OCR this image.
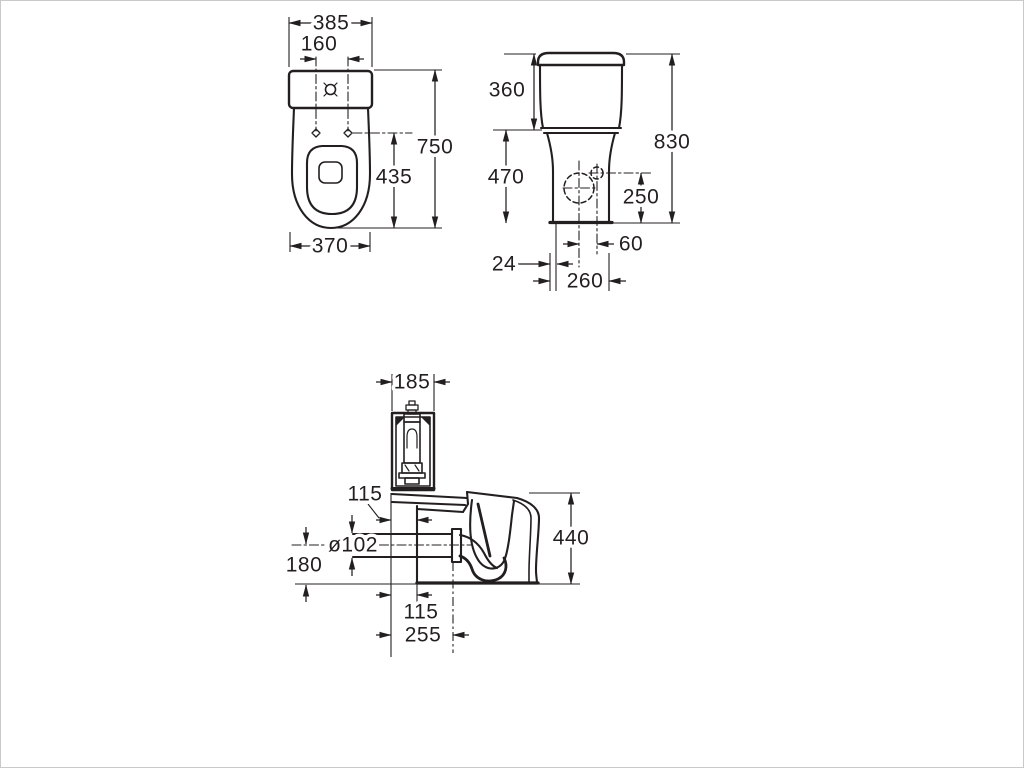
385
160
750
435
370
360
470
830
250
60
24
260
185
115
ø102
180
440
115
255
